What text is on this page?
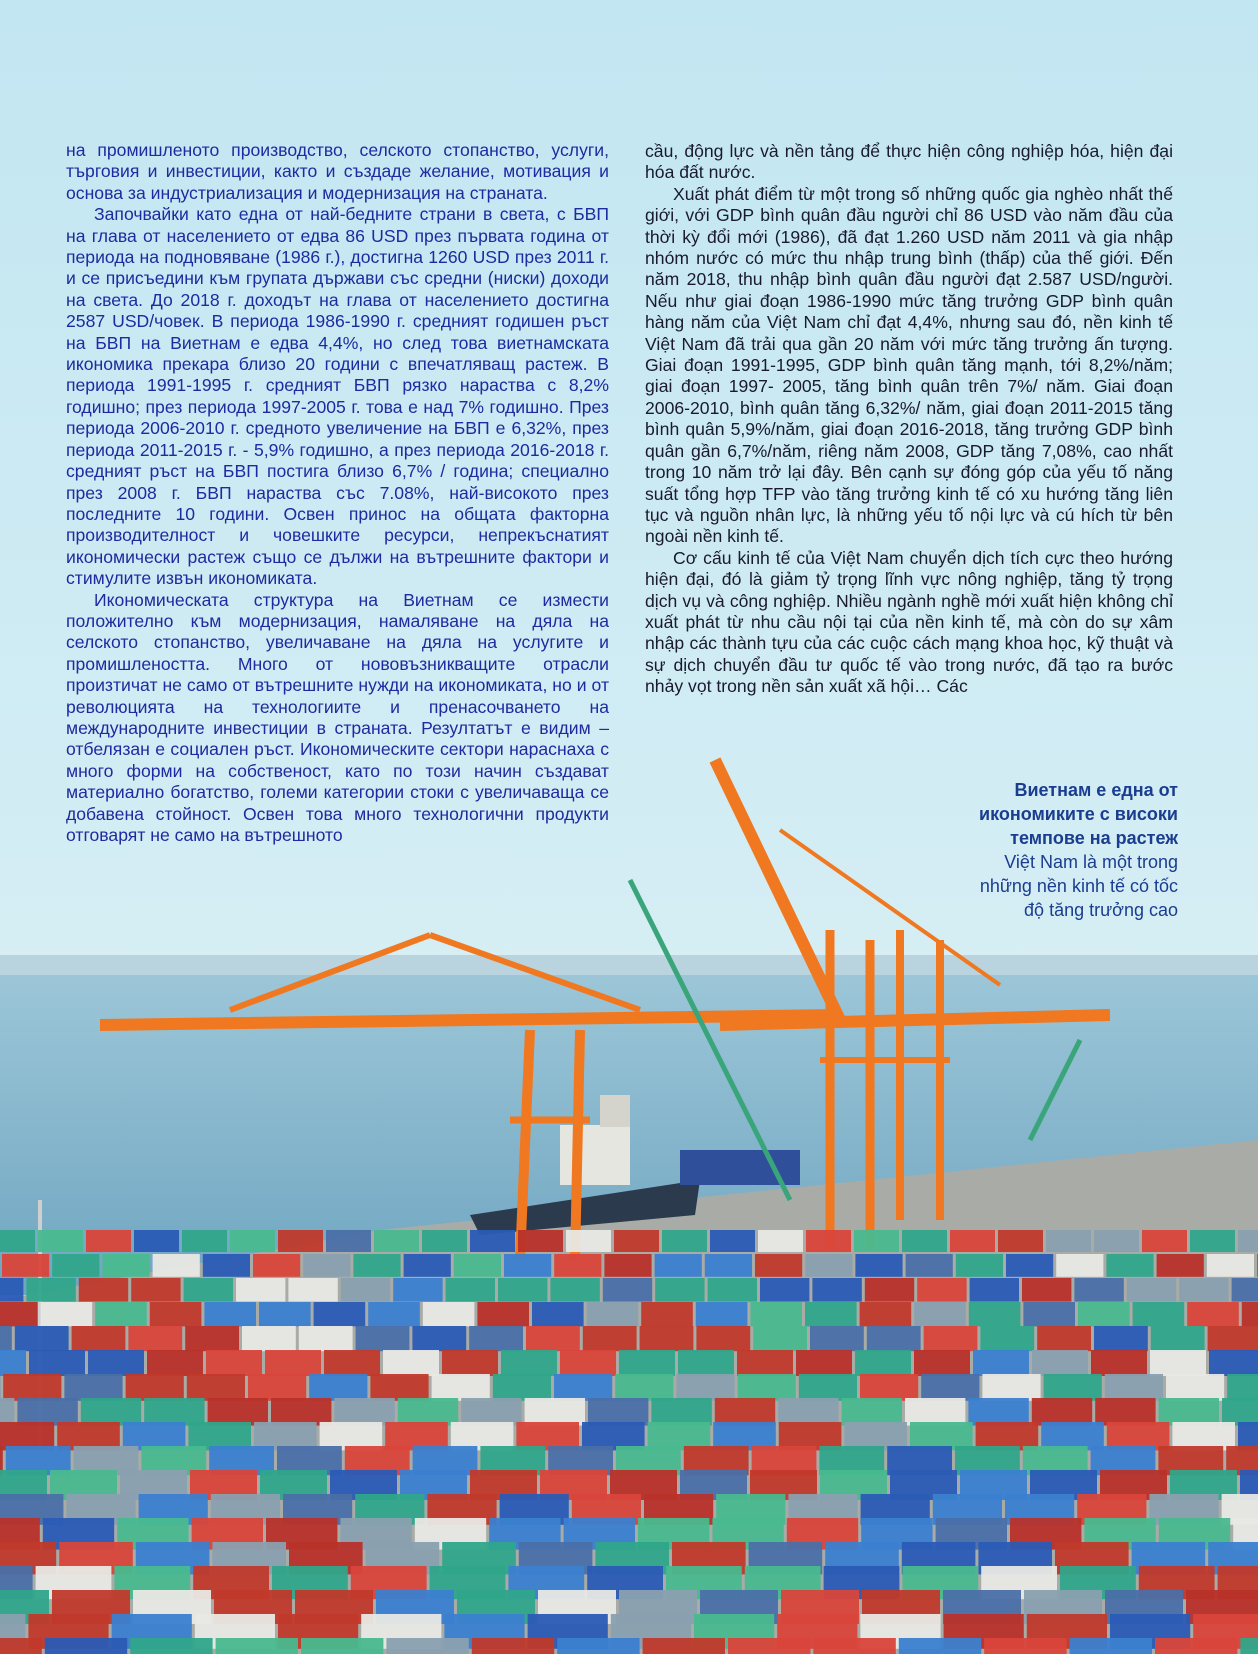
на промишленото производство, селското стопанство, услуги, търговия и инвестиции, както и създаде желание, мотивация и основа за индустриализация и модернизация на страната.

Започвайки като една от най-бедните страни в света, с БВП на глава от населението от едва 86 USD през първата година от периода на подновяване (1986 г.), достигна 1260 USD през 2011 г. и се присъедини към групата държави със средни (ниски) доходи на света. До 2018 г. доходът на глава от населението достигна 2587 USD/човек. В периода 1986-1990 г. средният годишен ръст на БВП на Виетнам е едва 4,4%, но след това виетнамската икономика прекара близо 20 години с впечатляващ растеж. В периода 1991-1995 г. средният БВП рязко нараства с 8,2% годишно; през периода 1997-2005 г. това е над 7% годишно. През периода 2006-2010 г. средното увеличение на БВП е 6,32%, през периода 2011-2015 г. - 5,9% годишно, а през периода 2016-2018 г. средният ръст на БВП постига близо 6,7% / година; специално през 2008 г. БВП нараства със 7.08%, най-високото през последните 10 години. Освен принос на общата факторна производителност и човешките ресурси, непрекъснатият икономически растеж също се дължи на вътрешните фактори и стимулите извън икономиката.

Икономическата структура на Виетнам се измести положително към модернизация, намаляване на дяла на селското стопанство, увеличаване на дяла на услугите и промишлеността. Много от нововъзникващите отрасли произтичат не само от вътрешните нужди на икономиката, но и от революцията на технологиите и пренасочването на международните инвестиции в страната. Резултатът е видим – отбелязан е социален ръст. Икономическите сектори нараснаха с много форми на собственост, като по този начин създават материално богатство, големи категории стоки с увеличаваща се добавена стойност. Освен това много технологични продукти отговарят не само на вътрешното

cầu, động lực và nền tảng để thực hiện công nghiệp hóa, hiện đại hóa đất nước.

Xuất phát điểm từ một trong số những quốc gia nghèo nhất thế giới, với GDP bình quân đầu người chỉ 86 USD vào năm đầu của thời kỳ đổi mới (1986), đã đạt 1.260 USD năm 2011 và gia nhập nhóm nước có mức thu nhập trung bình (thấp) của thế giới. Đến năm 2018, thu nhập bình quân đầu người đạt 2.587 USD/người. Nếu như giai đoạn 1986-1990 mức tăng trưởng GDP bình quân hàng năm của Việt Nam chỉ đạt 4,4%, nhưng sau đó, nền kinh tế Việt Nam đã trải qua gần 20 năm với mức tăng trưởng ấn tượng. Giai đoạn 1991-1995, GDP bình quân tăng mạnh, tới 8,2%/năm; giai đoạn 1997- 2005, tăng bình quân trên 7%/ năm. Giai đoạn 2006-2010, bình quân tăng 6,32%/ năm, giai đoạn 2011-2015 tăng bình quân 5,9%/năm, giai đoạn 2016-2018, tăng trưởng GDP bình quân gần 6,7%/năm, riêng năm 2008, GDP tăng 7,08%, cao nhất trong 10 năm trở lại đây. Bên cạnh sự đóng góp của yếu tố năng suất tổng hợp TFP vào tăng trưởng kinh tế có xu hướng tăng liên tục và nguồn nhân lực, là những yếu tố nội lực và cú hích từ bên ngoài nền kinh tế.

Cơ cấu kinh tế của Việt Nam chuyển dịch tích cực theo hướng hiện đại, đó là giảm tỷ trọng lĩnh vực nông nghiệp, tăng tỷ trọng dịch vụ và công nghiệp. Nhiều ngành nghề mới xuất hiện không chỉ xuất phát từ nhu cầu nội tại của nền kinh tế, mà còn do sự xâm nhập các thành tựu của các cuộc cách mạng khoa học, kỹ thuật và sự dịch chuyển đầu tư quốc tế vào trong nước, đã tạo ra bước nhảy vọt trong nền sản xuất xã hội… Các

Виетнам е една от
икономиките с високи
темпове на растеж
Việt Nam là một trong
những nền kinh tế có tốc
độ tăng trưởng cao
